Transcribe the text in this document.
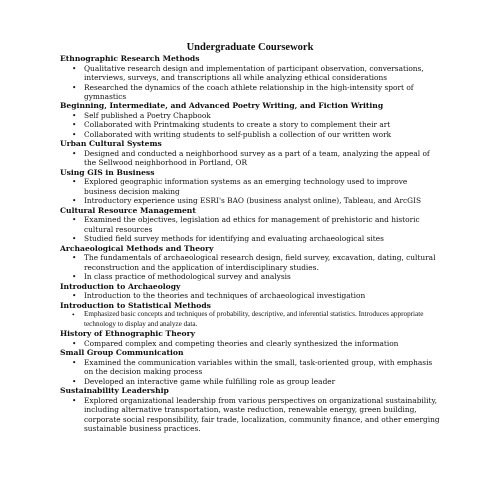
Undergraduate Coursework
Ethnographic Research Methods
•	Qualitative research design and implementation of participant observation, conversations, interviews, surveys, and transcriptions all while analyzing ethical considerations
•	Researched the dynamics of the coach athlete relationship in the high-intensity sport of gymnastics
Beginning, Intermediate, and Advanced Poetry Writing, and Fiction Writing
•	Self published a Poetry Chapbook
•	Collaborated with Printmaking students to create a story to complement their art
•	Collaborated with writing students to self-publish a collection of our written work
Urban Cultural Systems
•	Designed and conducted a neighborhood survey as a part of a team, analyzing the appeal of the Sellwood neighborhood in Portland, OR
Using GIS in Business
•	Explored geographic information systems as an emerging technology used to improve business decision making
•	Introductory experience using ESRI's BAO (business analyst online), Tableau, and ArcGIS
Cultural Resource Management
•	Examined the objectives, legislation ad ethics for management of prehistoric and historic cultural resources
•	Studied field survey methods for identifying and evaluating archaeological sites
Archaeological Methods and Theory
•	The fundamentals of archaeological research design, field survey, excavation, dating, cultural reconstruction and the application of interdisciplinary studies.
•	In class practice of methodological survey and analysis
Introduction to Archaeology
•	Introduction to the theories and techniques of archaeological investigation
Introduction to Statistical Methods
•	Emphasized basic concepts and techniques of probability, descriptive, and inferential statistics. Introduces appropriate technology to display and analyze data.
History of Ethnographic Theory
•	Compared complex and competing theories and clearly synthesized the information
Small Group Communication
•	Examined the communication variables within the small, task-oriented group, with emphasis on the decision making process
•	Developed an interactive game while fulfilling role as group leader
Sustainability Leadership
•	Explored organizational leadership from various perspectives on organizational sustainability, including alternative transportation, waste reduction, renewable energy, green building, corporate social responsibility, fair trade, localization, community finance, and other emerging sustainable business practices.
